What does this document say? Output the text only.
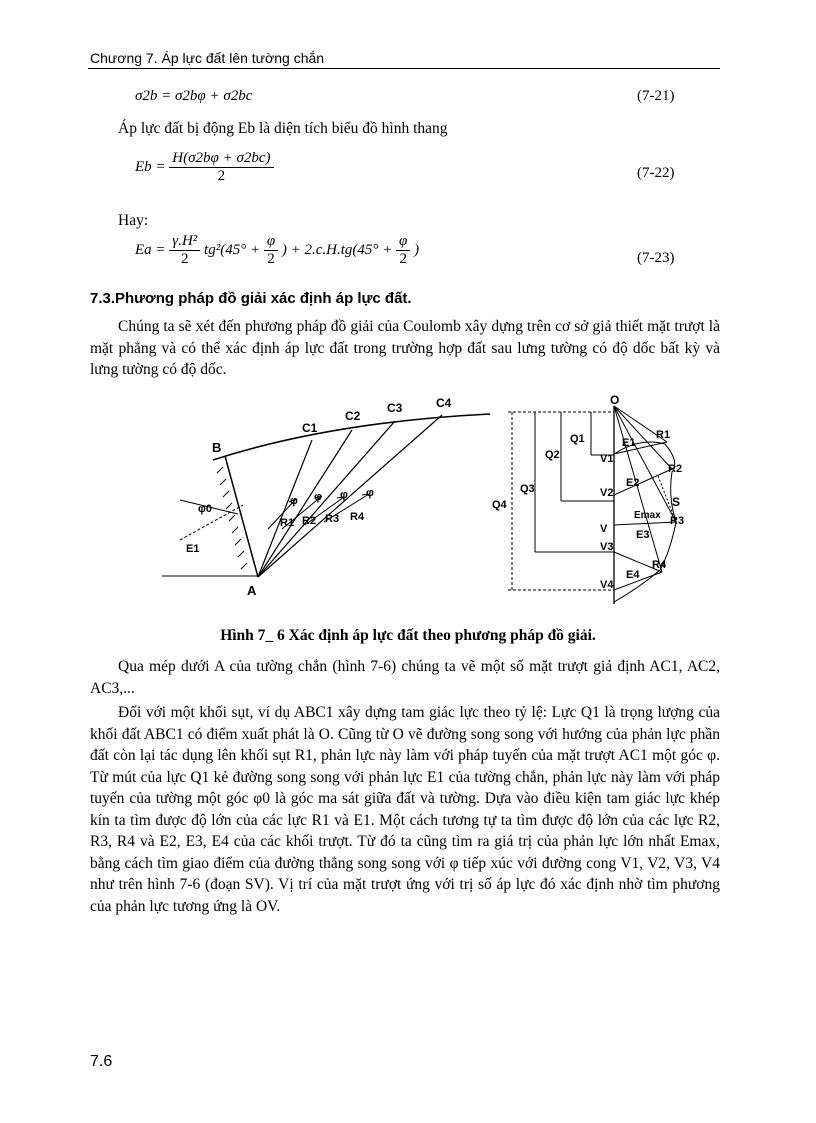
Chương 7. Áp lực đất lên tường chắn
σ2b = σ2bφ + σ2bc	(7-21)
Áp lực đất bị động Eb là diện tích biểu đồ hình thang
$Eb = \frac{H(\sigma 2b\varphi + \sigma 2bc)}{2}$	(7-22)
Hay:
$Ea = \frac{\text{γ.H²}}{2} tg^2(45^\circ + \frac{\varphi}{2}$ ) + $2.c.H.tg(45^\circ + \frac{\varphi}{2}$ )
(7-23)
7.3.Phương pháp đồ giải xác định áp lực đất.
Chúng ta sẽ xét đến phương pháp đồ giải của Coulomb xây dựng trên cơ sở giả thiết mặt trượt là mặt phẳng và có thể xác định áp lực đất trong trường hợp đất sau lưng tường có độ dốc bất kỳ và lưng tường có độ dốc.
B
A
C1
C2
C3	C4
φ0
E1
R1 R2 R3 R4
φ φ φ φ
O
Q1
Q2
Q3
Q4
V1
V2
V
V3
V4
E1
E2
Emax
E3
E4
R1
R2
S
R3
R4
Hình 7_ 6 Xác định áp lực đất theo phương pháp đồ giải.
Qua mép dưới A của tường chắn (hình 7-6) chúng ta vẽ một số mặt trượt giả định AC1, AC2, AC3,...
Đối với một khối sụt, ví dụ ABC1 xây dựng tam giác lực theo tỷ lệ: Lực Q1 là trọng lượng của khối đất ABC1 có điểm xuất phát là O. Cũng từ O vẽ đường song song với hướng của phản lực phần đất còn lại tác dụng lên khối sụt R1, phản lực này làm với pháp tuyến của mặt trượt AC1 một góc φ. Từ mút của lực Q1 kẻ đường song song với phản lực E1 của tường chắn, phản lực này làm với pháp tuyến của tường một góc φ0 là góc ma sát giữa đất và tường. Dựa vào điều kiện tam giác lực khép kín ta tìm được độ lớn của các lực R1 và E1. Một cách tương tự ta tìm được độ lớn của các lực R2, R3, R4 và E2, E3, E4 của các khối trượt. Từ đó ta cũng tìm ra giá trị của phản lực lớn nhất Emax, bằng cách tìm giao điểm của đường thẳng song song với φ tiếp xúc với đường cong V1, V2, V3, V4 như trên hình 7-6 (đoạn SV). Vị trí của mặt trượt ứng với trị số áp lực đó xác định nhờ tìm phương của phản lực tương ứng là OV.
7.6
